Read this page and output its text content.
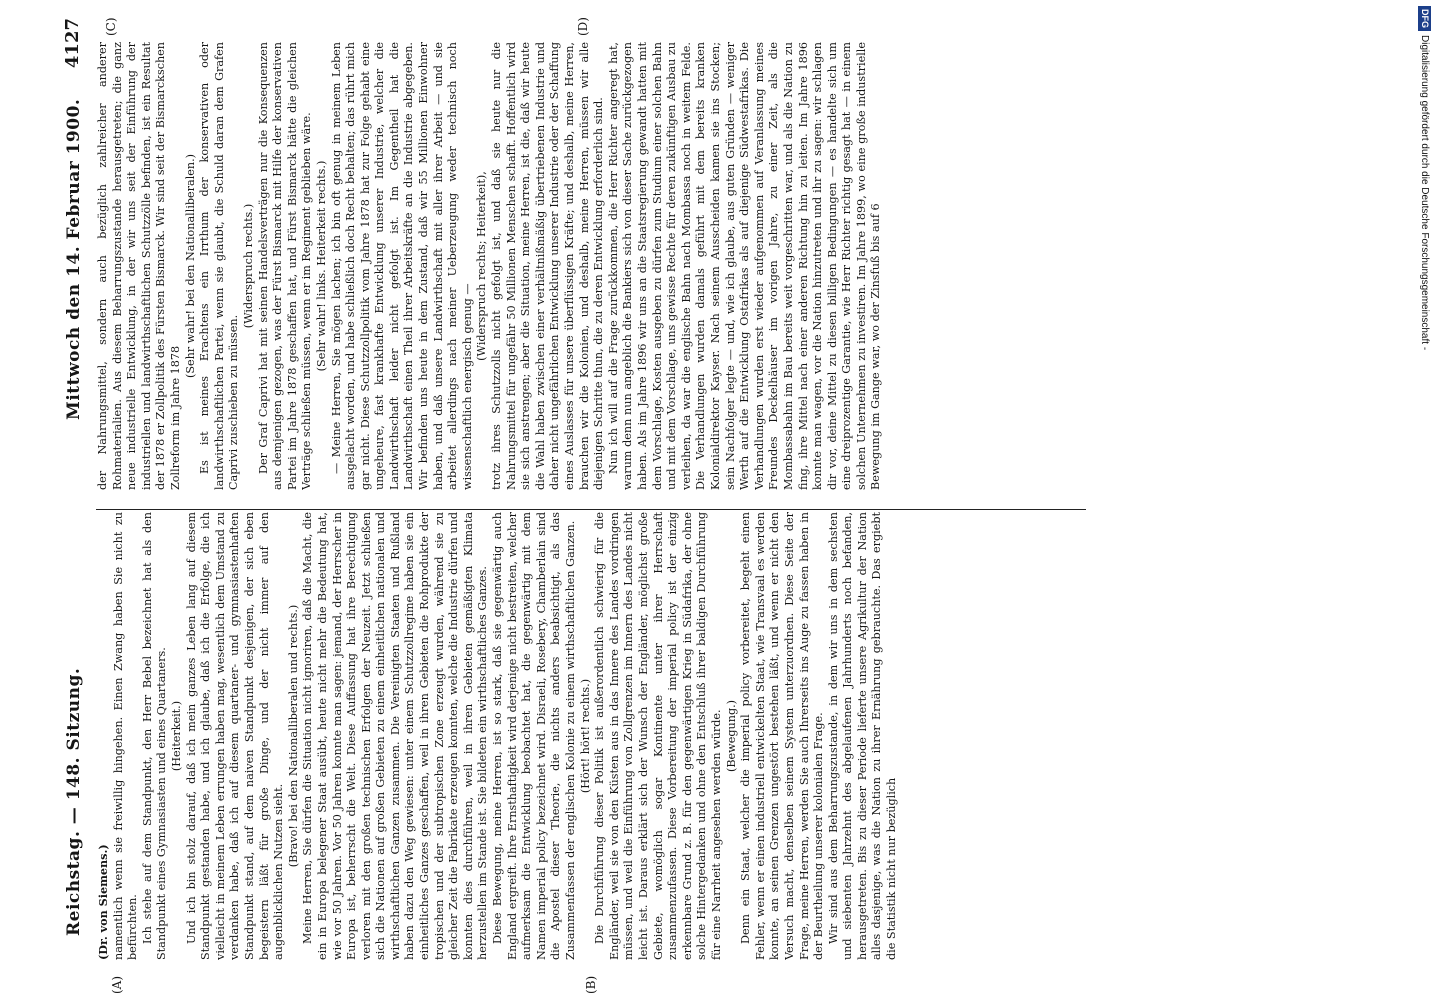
Reichstag. — 148. Sitzung.
Mittwoch den 14. Februar 1900.
4127
(A)	(B)
(C)	(D)

(Dr. von Siemens.) namentlich wenn sie freiwillig hingehen. Einen Zwang haben Sie nicht zu befürchten. Ich stehe auf dem Standpunkt, den Herr Bebel bezeichnet hat als den Standpunkt eines Gymnasiasten und eines Quartaners. (Heiterkeit.) Und ich bin stolz darauf, daß ich mein ganzes Leben lang auf diesem Standpunkt gestanden habe, und ich glaube, daß ich die Erfolge, die ich vielleicht in meinem Leben errungen haben mag, wesentlich dem Umstand zu verdanken habe, daß ich auf diesem quartaner- und gymnasiastenhaften Standpunkt stand, auf dem naiven Standpunkt desjenigen, der sich eben begeistern läßt für große Dinge, und der nicht immer auf den augenblicklichen Nutzen sieht.

(Bravo! bei den Nationalliberalen und rechts.) Meine Herren, Sie dürfen die Situation nicht ignoriren, daß die Macht, die ein in Europa belegener Staat ausübt, heute nicht mehr die Bedeutung hat, wie vor 50 Jahren. Vor 50 Jahren konnte man sagen: jemand, der Herrscher in Europa ist, beherrscht die Welt. Diese Auffassung hat ihre Berechtigung verloren mit den großen technischen Erfolgen der Neuzeit. Jetzt schließen sich die Nationen auf großen Gebieten zu einem einheitlichen nationalen und wirthschaftlichen Ganzen zusammen. Die Vereinigten Staaten und Rußland haben dazu den Weg gewiesen: unter einem Schutzzollregime haben sie ein einheitliches Ganzes geschaffen, weil in ihren Gebieten die Rohprodukte der tropischen und der subtropischen Zone erzeugt wurden, während sie zu gleicher Zeit die Fabrikate erzeugen konnten, welche die Industrie dürfen und konnten dies durchführen, weil in ihren Gebieten gemäßigten Klimata herzustellen im Stande ist. Sie bildeten ein wirthschaftliches Ganzes. Diese Bewegung, meine Herren, ist so stark, daß sie gegenwärtig auch England ergreift. Ihre Ernsthaftigkeit wird derjenige nicht bestreiten, welcher aufmerksam die Entwicklung beobachtet hat, die gegenwärtig mit dem Namen imperial policy bezeichnet wird. Disraeli, Rosebery, Chamberlain sind die Apostel dieser Theorie, die nichts anders beabsichtigt, als das Zusammenfassen der englischen Kolonie zu einem wirthschaftlichen Ganzen. (Hört! hört! rechts.) Die Durchführung dieser Politik ist außerordentlich schwierig für die Engländer, weil sie von den Küsten aus in das Innere des Landes vordringen müssen, und weil die Einführung von Zollgrenzen im Innern des Landes nicht leicht ist. Daraus erklärt sich der Wunsch der Engländer, möglichst große Gebiete, womöglich sogar Kontinente unter ihrer Herrschaft zusammenzufassen. Diese Vorbereitung der imperial policy ist der einzig erkennbare Grund z. B. für den gegenwärtigen Krieg in Südafrika, der ohne solche Hintergedanken und ohne den Entschluß ihrer baldigen Durchführung für eine Narrheit angesehen werden würde. (Bewegung.) Denn ein Staat, welcher die imperial policy vorbereitet, begeht einen Fehler, wenn er einen industriell entwickelten Staat, wie Transvaal es werden konnte, an seinen Grenzen ungestört bestehen läßt, und wenn er nicht den Versuch macht, denselben seinem System unterzuordnen. Diese Seite der Frage, meine Herren, werden Sie auch Ihrerseits ins Auge zu fassen haben in der Beurtheilung unserer kolonialen Frage. Wir sind aus dem Beharrungszustande, in dem wir uns in dem sechsten und siebenten Jahrzehnt des abgelaufenen Jahrhunderts noch befanden, herausgetreten. Bis zu dieser Periode lieferte unsere Agrikultur der Nation alles dasjenige, was die Nation zu ihrer Ernährung gebrauchte. Das ergiebt die Statistik nicht nur bezüglich

der Nahrungsmittel, sondern auch bezüglich zahlreicher anderer Rohmaterialien. Aus diesem Beharrungszustande herausgetreten; die ganz neue industrielle Entwicklung, in der wir uns seit der Einführung der industriellen und landwirthschaftlichen Schutzzölle befinden, ist ein Resultat der 1878 er Zollpolitik des Fürsten Bismarck. Wir sind seit der Bismarckschen Zollreform im Jahre 1878

(Sehr wahr! bei den Nationalliberalen.) Es ist meines Erachtens ein Irrthum der konservativen oder landwirthschaftlichen Partei, wenn sie glaubt, die Schuld daran dem Grafen Caprivi zuschieben zu müssen.

(Widerspruch rechts.) Der Graf Caprivi hat mit seinen Handelsverträgen nur die Konsequenzen aus demjenigen gezogen, was der Fürst Bismarck mit Hilfe der konservativen Partei im Jahre 1878 geschaffen hat, und Fürst Bismarck hätte die gleichen Verträge schließen müssen, wenn er im Regiment geblieben wäre. (Sehr wahr! links. Heiterkeit rechts.) — Meine Herren, Sie mögen lachen; ich bin oft genug in meinem Leben ausgelacht worden, und habe schließlich doch Recht behalten; das rührt mich gar nicht. Diese Schutzzollpolitik vom Jahre 1878 hat zur Folge gehabt eine ungeheure, fast krankhafte Entwicklung unserer Industrie, welcher die Landwirthschaft leider nicht gefolgt ist. Im Gegentheil hat die Landwirthschaft einen Theil ihrer Arbeitskräfte an die Industrie abgegeben. Wir befinden uns heute in dem Zustand, daß wir 55 Millionen Einwohner haben, und daß unsere Landwirthschaft mit aller ihrer Arbeit — und sie arbeitet allerdings nach meiner Ueberzeugung weder technisch noch wissenschaftlich energisch genug —

(Widerspruch rechts; Heiterkeit), trotz ihres Schutzzolls nicht gefolgt ist, und daß sie heute nur die Nahrungsmittel für ungefähr 50 Millionen Menschen schafft. Hoffentlich wird sie sich anstrengen; aber die Situation, meine Herren, ist die, daß wir heute die Wahl haben zwischen einer verhältnißmäßig übertriebenen Industrie und daher nicht ungefährlichen Entwicklung unserer Industrie oder der Schaffung eines Auslasses für unsere überflüssigen Kräfte; und deshalb, meine Herren, brauchen wir die Kolonien, und deshalb, meine Herren, müssen wir alle diejenigen Schritte thun, die zu deren Entwicklung erforderlich sind. Nun ich will auf die Frage zurückkommen, die Herr Richter angeregt hat, warum denn nun angeblich die Bankiers sich von dieser Sache zurückgezogen haben. Als im Jahre 1896 wir uns an die Staatsregierung gewandt hatten mit dem Vorschlage, Kosten ausgeben zu dürfen zum Studium einer solchen Bahn und mit dem Vorschlage, uns gewisse Rechte für deren zukünftigen Ausbau zu verleihen, da war die englische Bahn nach Mombassa noch in weitem Felde. Die Verhandlungen wurden damals geführt mit dem bereits kranken Kolonialdirektor Kayser. Nach seinem Ausscheiden kamen sie ins Stocken; sein Nachfolger legte — und, wie ich glaube, aus guten Gründen — weniger Werth auf die Entwicklung Ostafrikas als auf diejenige Südwestafrikas. Die Verhandlungen wurden erst wieder aufgenommen auf Veranlassung meines Freundes Deckelhäuser im vorigen Jahre, zu einer Zeit, als die Mombassabahn im Bau bereits weit vorgeschritten war, und als die Nation zu fing, ihre Mittel nach einer anderen Richtung hin zu leiten. Im Jahre 1896 konnte man wagen, vor die Nation hinzutreten und ihr zu sagen: wir schlagen dir vor, deine Mittel zu diesen billigen Bedingungen — es handelte sich um eine dreiprozentige Garantie, wie Herr Richter richtig gesagt hat — in einem solchen Unternehmen zu investiren. Im Jahre 1899, wo eine große industrielle Bewegung im Gange war, wo der Zinsfuß bis auf 6

DFGDigitalisierung gefördert durch die Deutsche Forschungsgemeinschaft -
